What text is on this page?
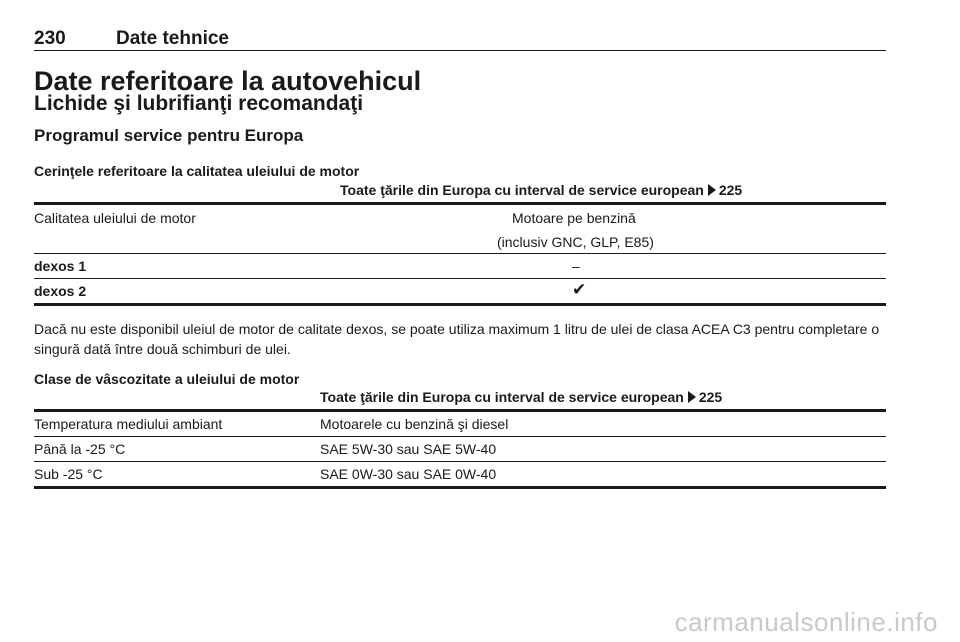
230	Date tehnice
Date referitoare la autovehicul
Lichide şi lubrifianţi recomandaţi
Programul service pentru Europa
Cerinţele referitoare la calitatea uleiului de motor
Toate ţările din Europa cu interval de service european 225
Calitatea uleiului de motor	Motoare pe benzină
(inclusiv GNC, GLP, E85)
dexos 1	–
dexos 2	✔
Dacă nu este disponibil uleiul de motor de calitate dexos, se poate utiliza maximum 1 litru de ulei de clasa ACEA C3 pentru completare o singură dată între două schimburi de ulei.
Clase de vâscozitate a uleiului de motor
Toate ţările din Europa cu interval de service european 225
Temperatura mediului ambiant	Motoarele cu benzină şi diesel
Până la -25 °C	SAE 5W-30 sau SAE 5W-40
Sub -25 °C	SAE 0W-30 sau SAE 0W-40
carmanualsonline.info
